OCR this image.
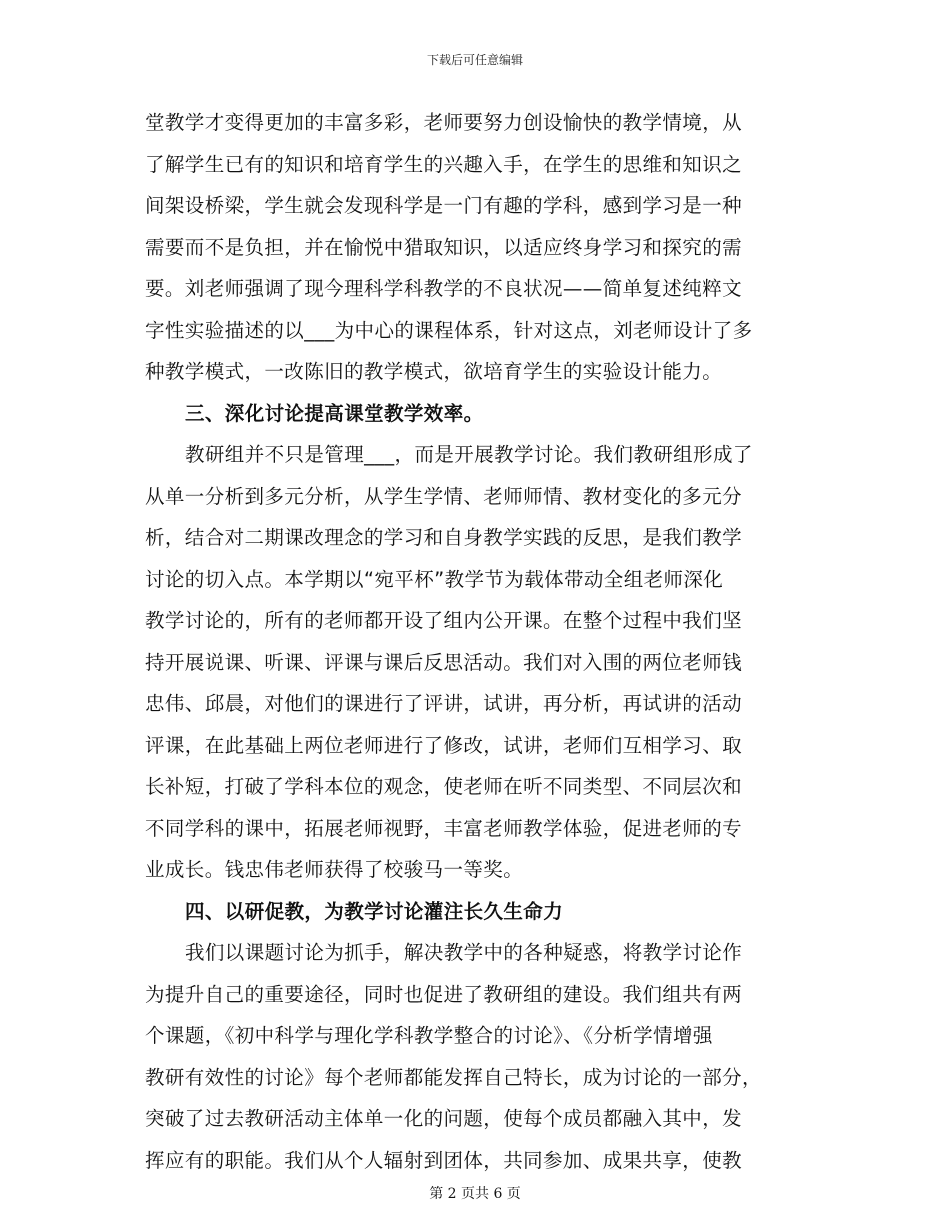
下载后可任意编辑
堂教学才变得更加的丰富多彩，老师要努力创设愉快的教学情境，从
了解学生已有的知识和培育学生的兴趣入手，在学生的思维和知识之
间架设桥梁，学生就会发现科学是一门有趣的学科，感到学习是一种
需要而不是负担，并在愉悦中猎取知识，以适应终身学习和探究的需
要。刘老师强调了现今理科学科教学的不良状况——简单复述纯粹文
字性实验描述的以___为中心的课程体系，针对这点，刘老师设计了多
种教学模式，一改陈旧的教学模式，欲培育学生的实验设计能力。
三、深化讨论提高课堂教学效率。
教研组并不只是管理___，而是开展教学讨论。我们教研组形成了
从单一分析到多元分析，从学生学情、老师师情、教材变化的多元分
析，结合对二期课改理念的学习和自身教学实践的反思，是我们教学
讨论的切入点。本学期以“宛平杯”教学节为载体带动全组老师深化
教学讨论的，所有的老师都开设了组内公开课。在整个过程中我们坚
持开展说课、听课、评课与课后反思活动。我们对入围的两位老师钱
忠伟、邱晨，对他们的课进行了评讲，试讲，再分析，再试讲的活动
评课，在此基础上两位老师进行了修改，试讲，老师们互相学习、取
长补短，打破了学科本位的观念，使老师在听不同类型、不同层次和
不同学科的课中，拓展老师视野，丰富老师教学体验，促进老师的专
业成长。钱忠伟老师获得了校骏马一等奖。
四、以研促教，为教学讨论灌注长久生命力
我们以课题讨论为抓手，解决教学中的各种疑惑，将教学讨论作
为提升自己的重要途径，同时也促进了教研组的建设。我们组共有两
个课题，《初中科学与理化学科教学整合的讨论》、《分析学情增强
教研有效性的讨论》每个老师都能发挥自己特长，成为讨论的一部分，
突破了过去教研活动主体单一化的问题，使每个成员都融入其中，发
挥应有的职能。我们从个人辐射到团体，共同参加、成果共享，使教
第 2 页共 6 页
